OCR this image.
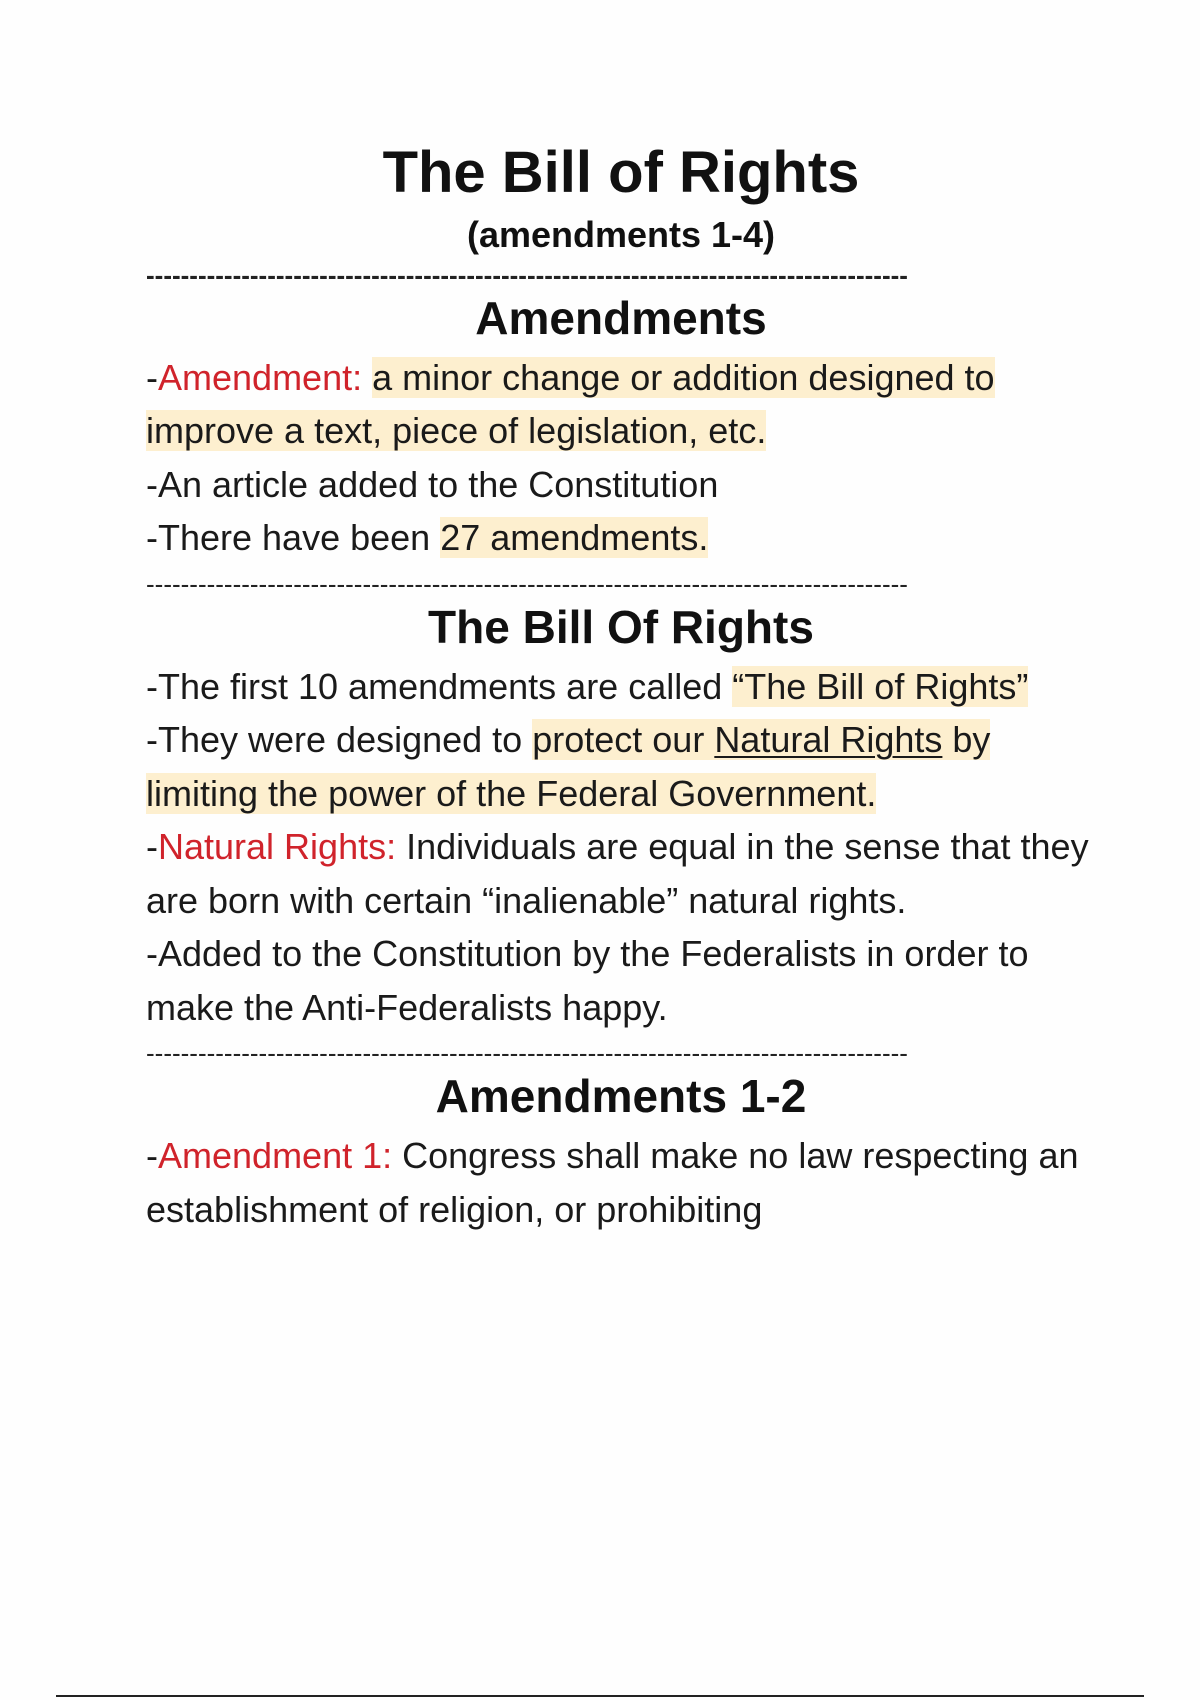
The Bill of Rights
(amendments 1-4)
----------------------------------------------------------------------------------------
Amendments

-Amendment: a minor change or addition designed to improve a text, piece of legislation, etc.

-An article added to the Constitution

-There have been 27 amendments.

----------------------------------------------------------------------------------------
The Bill Of Rights

-The first 10 amendments are called “The Bill of Rights”

-They were designed to protect our Natural Rights by limiting the power of the Federal Government.

-Natural Rights: Individuals are equal in the sense that they are born with certain “inalienable” natural rights.

-Added to the Constitution by the Federalists in order to make the Anti-Federalists happy.

----------------------------------------------------------------------------------------
Amendments 1-2

-Amendment 1: Congress shall make no law respecting an establishment of religion, or prohibiting
